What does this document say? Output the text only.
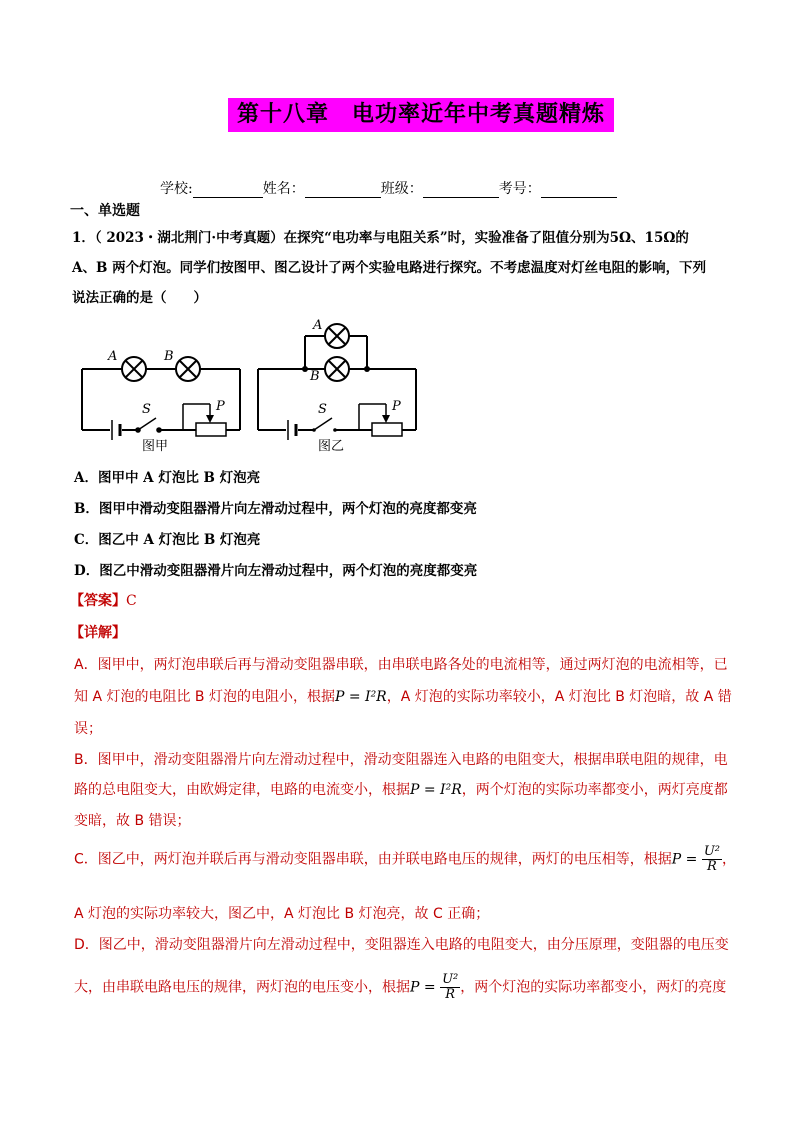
第十八章　电功率近年中考真题精炼
学校:	姓名：	班级：	考号：
一、单选题
1．（ 2023・湖北荆门·中考真题）在探究“电功率与电阻关系”时，实验准备了阻值分别为5Ω、15Ω的
A、B 两个灯泡。同学们按图甲、图乙设计了两个实验电路进行探究。不考虑温度对灯丝电阻的影响，下列
说法正确的是（　　）
A	B
S	P
图甲
A
B
S	P
图乙
A．图甲中 A 灯泡比 B 灯泡亮
B．图甲中滑动变阻器滑片向左滑动过程中，两个灯泡的亮度都变亮
C．图乙中 A 灯泡比 B 灯泡亮
D．图乙中滑动变阻器滑片向左滑动过程中，两个灯泡的亮度都变亮
【答案】C
【详解】
A．图甲中，两灯泡串联后再与滑动变阻器串联，由串联电路各处的电流相等，通过两灯泡的电流相等，已
知 A 灯泡的电阻比 B 灯泡的电阻小，根据P = I²R，A 灯泡的实际功率较小，A 灯泡比 B 灯泡暗，故 A 错
误；
B．图甲中，滑动变阻器滑片向左滑动过程中，滑动变阻器连入电路的电阻变大，根据串联电阻的规律，电
路的总电阻变大，由欧姆定律，电路的电流变小，根据P = I²R，两个灯泡的实际功率都变小，两灯亮度都
变暗，故 B 错误；
C．图乙中，两灯泡并联后再与滑动变阻器串联，由并联电路电压的规律，两灯的电压相等，根据$P = \frac{\text{U²}}{R}$ ，
A 灯泡的实际功率较大，图乙中，A 灯泡比 B 灯泡亮，故 C 正确；
D．图乙中，滑动变阻器滑片向左滑动过程中，变阻器连入电路的电阻变大，由分压原理，变阻器的电压变
大，由串联电路电压的规律，两灯泡的电压变小，根据$P = \frac{\text{U²}}{R}$ ，两个灯泡的实际功率都变小，两灯的亮度
